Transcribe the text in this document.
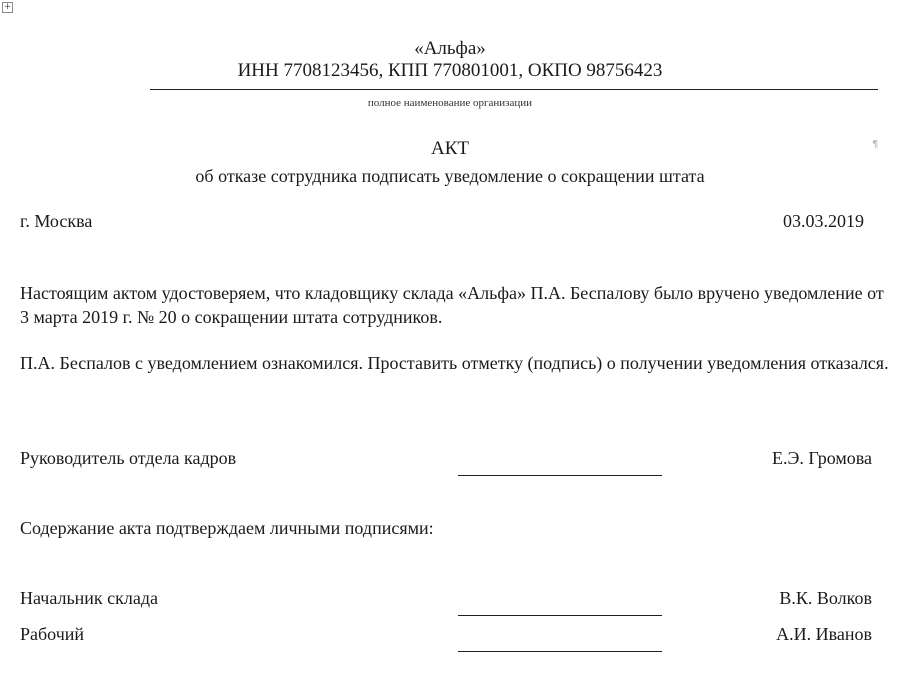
+
«Альфа»
ИНН 7708123456, КПП 770801001, ОКПО 98756423
полное наименование организации
¶
АКТ
об отказе сотрудника подписать уведомление о сокращении штата
г. Москва	03.03.2019
Настоящим актом удостоверяем, что кладовщику склада «Альфа» П.А. Беспалову было вручено уведомление от 3 марта 2019 г. № 20 о сокращении штата сотрудников.
П.А. Беспалов с уведомлением ознакомился. Проставить отметку (подпись) о получении уведомления отказался.
Руководитель отдела кадров	Е.Э. Громова
Содержание акта подтверждаем личными подписями:
Начальник склада	В.К. Волков
Рабочий	А.И. Иванов
